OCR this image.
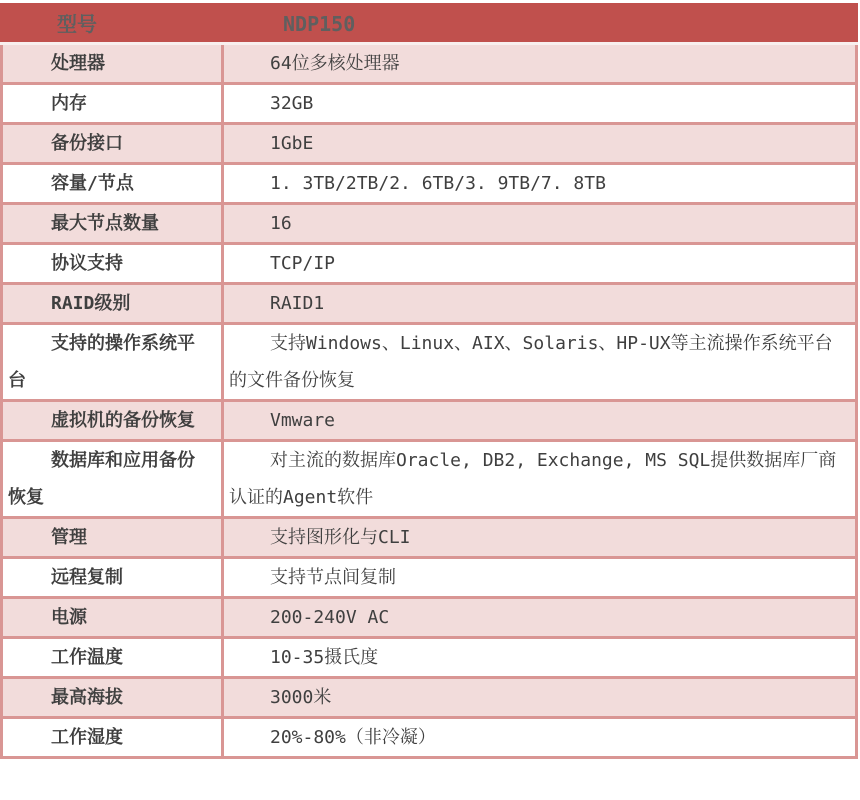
型号	NDP150
处理器	64位多核处理器
内存	32GB
备份接口	1GbE
容量/节点	1. 3TB/2TB/2. 6TB/3. 9TB/7. 8TB
最大节点数量	16
协议支持	TCP/IP
RAID级别	RAID1
支持的操作系统平台	支持Windows、Linux、AIX、Solaris、HP-UX等主流操作系统平台的文件备份恢复
虚拟机的备份恢复	Vmware
数据库和应用备份恢复	对主流的数据库Oracle, DB2, Exchange, MS SQL提供数据库厂商认证的Agent软件
管理	支持图形化与CLI
远程复制	支持节点间复制
电源	200-240V AC
工作温度	10-35摄氏度
最高海拔	3000米
工作湿度	20%-80%（非冷凝）
